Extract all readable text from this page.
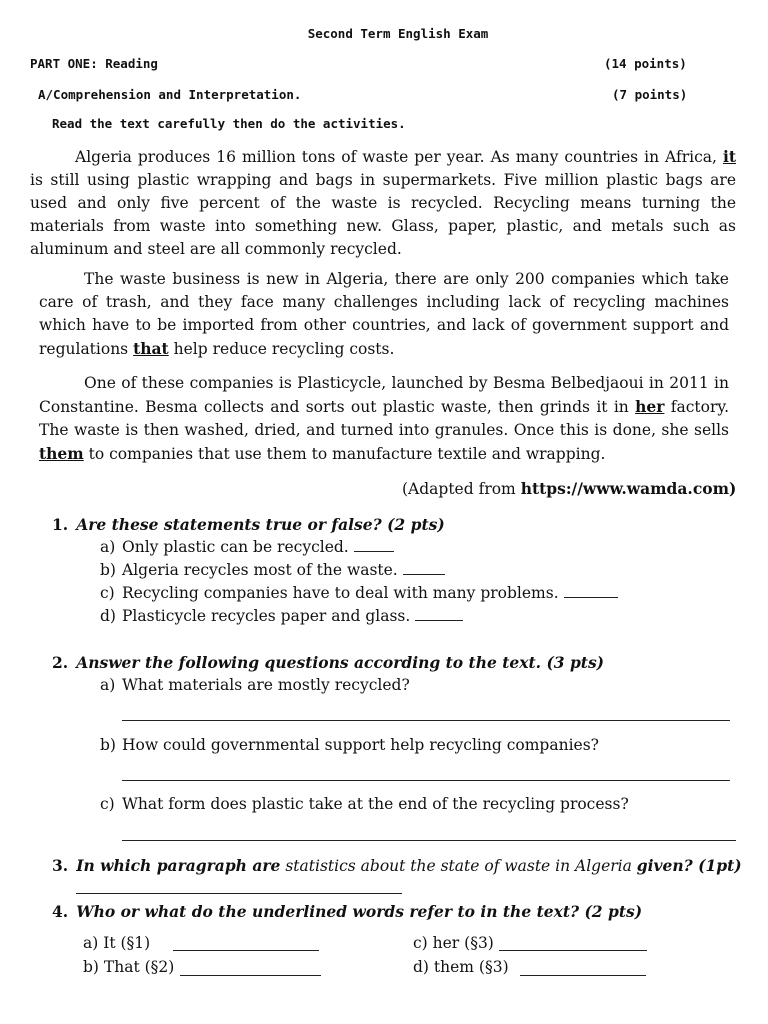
Second Term English Exam
PART ONE: Reading	(14 points)
A/Comprehension and Interpretation.	(7 points)
Read the text carefully then do the activities.

Algeria produces 16 million tons of waste per year. As many countries in Africa, it is still using plastic wrapping and bags in supermarkets. Five million plastic bags are used and only five percent of the waste is recycled. Recycling means turning the materials from waste into something new. Glass, paper, plastic, and metals such as aluminum and steel are all commonly recycled.

The waste business is new in Algeria, there are only 200 companies which take care of trash, and they face many challenges including lack of recycling machines which have to be imported from other countries, and lack of government support and regulations that help reduce recycling costs.

One of these companies is Plasticycle, launched by Besma Belbedjaoui in 2011 in Constantine. Besma collects and sorts out plastic waste, then grinds it in her factory. The waste is then washed, dried, and turned into granules. Once this is done, she sells them to companies that use them to manufacture textile and wrapping.

(Adapted from https://www.wamda.com)
1. Are these statements true or false? (2 pts)
a) Only plastic can be recycled.
b) Algeria recycles most of the waste.
c) Recycling companies have to deal with many problems.
d) Plasticycle recycles paper and glass.
2. Answer the following questions according to the text. (3 pts)
a) What materials are mostly recycled?
b) How could governmental support help recycling companies?
c) What form does plastic take at the end of the recycling process?
3. In which paragraph are statistics about the state of waste in Algeria given? (1pt)
4. Who or what do the underlined words refer to in the text? (2 pts)
a) It (§1)
b) That (§2)
c) her (§3)
d) them (§3)
